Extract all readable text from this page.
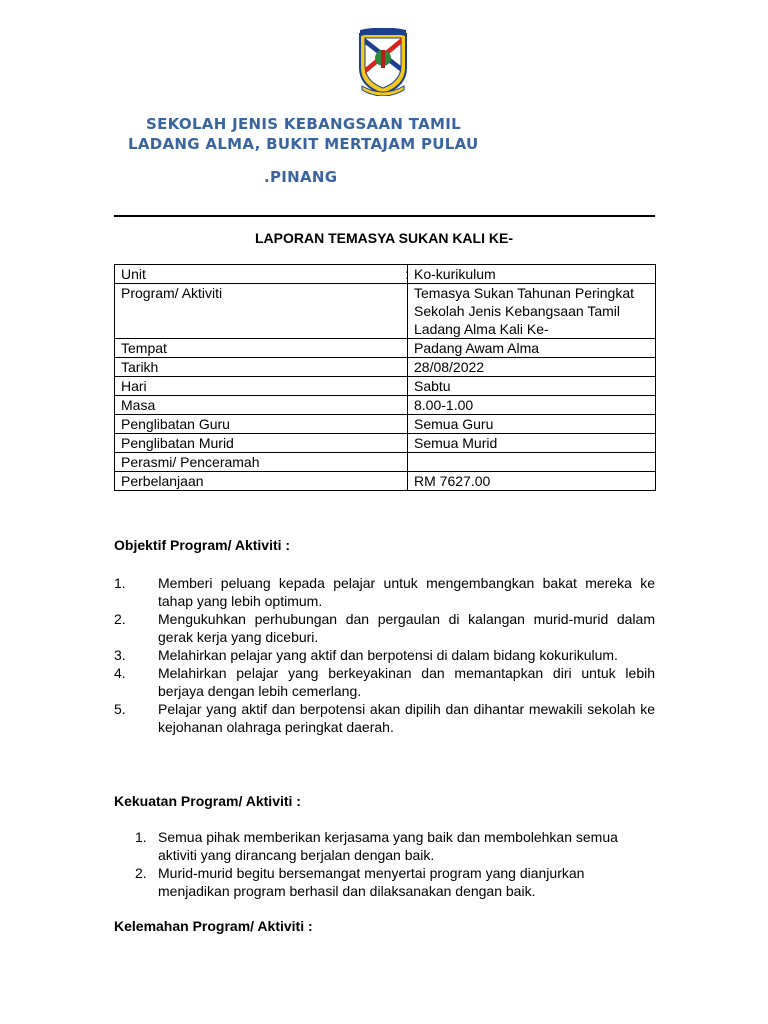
SEKOLAH JENIS KEBANGSAAN TAMIL
LADANG ALMA, BUKIT MERTAJAM PULAU
.PINANG
LAPORAN TEMASYA SUKAN KALI KE-
Unit :	Ko-kurikulum
Program/ Aktiviti	Temasya Sukan Tahunan Peringkat Sekolah Jenis Kebangsaan Tamil Ladang Alma Kali Ke-
Tempat	Padang Awam Alma
Tarikh	28/08/2022
Hari	Sabtu
Masa	8.00-1.00
Penglibatan Guru	Semua Guru
Penglibatan Murid	Semua Murid
Perasmi/ Penceramah	
Perbelanjaan	RM 7627.00
Objektif Program/ Aktiviti :
1. Memberi peluang kepada pelajar untuk mengembangkan bakat mereka ke tahap yang lebih optimum.
2. Mengukuhkan perhubungan dan pergaulan di kalangan murid-murid dalam gerak kerja yang diceburi.
3. Melahirkan pelajar yang aktif dan berpotensi di dalam bidang kokurikulum.
4. Melahirkan pelajar yang berkeyakinan dan memantapkan diri untuk lebih berjaya dengan lebih cemerlang.
5. Pelajar yang aktif dan berpotensi akan dipilih dan dihantar mewakili sekolah ke kejohanan olahraga peringkat daerah.
Kekuatan Program/ Aktiviti :
1. Semua pihak memberikan kerjasama yang baik dan membolehkan semua aktiviti yang dirancang berjalan dengan baik.
2. Murid-murid begitu bersemangat menyertai program yang dianjurkan menjadikan program berhasil dan dilaksanakan dengan baik.
Kelemahan Program/ Aktiviti :
